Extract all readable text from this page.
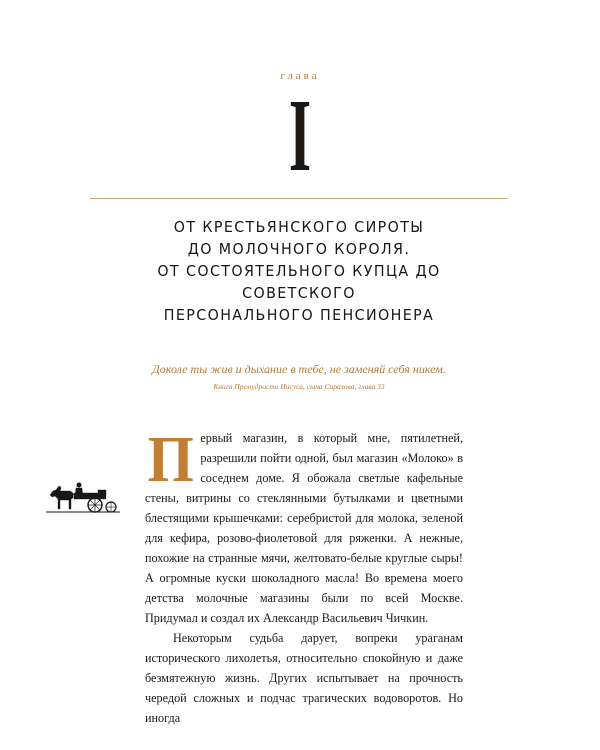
глава
I
ОТ КРЕСТЬЯНСКОГО СИРОТЫ
ДО МОЛОЧНОГО КОРОЛЯ.
ОТ СОСТОЯТЕЛЬНОГО КУПЦА ДО СОВЕТСКОГО
ПЕРСОНАЛЬНОГО ПЕНСИОНЕРА
Доколе ты жив и дыхание в тебе, не заменяй себя никем.
Книга Премудрости Иисуса, сына Сирахова, глава 33

Первый магазин, в который мне, пятилетней, разрешили пойти одной, был магазин «Молоко» в соседнем доме. Я обожала светлые кафельные стены, витрины со стеклянными бутылками и цветными блестящими крышечками: серебристой для молока, зеленой для кефира, розово-фиолетовой для ряженки. А нежные, похожие на странные мячи, желтовато-белые круглые сыры! А огромные куски шоколадного масла! Во времена моего детства молочные магазины были по всей Москве. Придумал и создал их Александр Васильевич Чичкин.

Некоторым судьба дарует, вопреки ураганам исторического лихолетья, относительно спокойную и даже безмятежную жизнь. Других испытывает на прочность чередой сложных и подчас трагических водоворотов. Но иногда
